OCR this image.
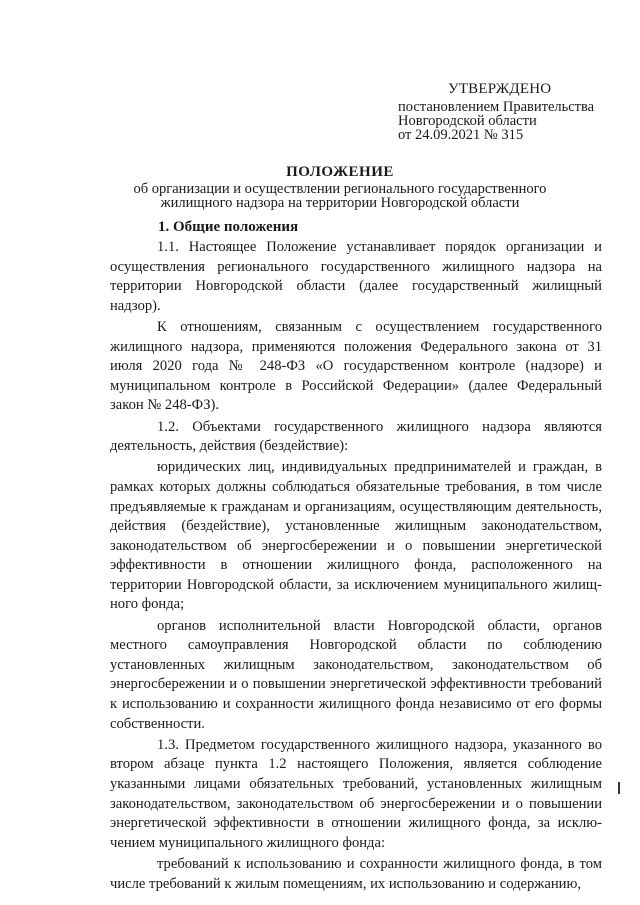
УТВЕРЖДЕНО
постановлением Правительства
Новгородской области
от 24.09.2021 № 315
ПОЛОЖЕНИЕ
об организации и осуществлении регионального государственного
жилищного надзора на территории Новгородской области
1. Общие положения

1.1. Настоящее Положение устанавливает порядок организации и осуществления регионального государственного жилищного надзора на территории Новгородской области (далее государственный жилищный надзор).

К отношениям, связанным с осуществлением государственного жилищного надзора, применяются положения Федерального закона от 31 июля 2020 года № 248-ФЗ «О государственном контроле (надзоре) и муниципальном контроле в Российской Федерации» (далее Федеральный закон № 248-ФЗ).

1.2. Объектами государственного жилищного надзора являются деятельность, действия (бездействие):

юридических лиц, индивидуальных предпринимателей и граждан, в рамках которых должны соблюдаться обязательные требования, в том числе предъявляемые к гражданам и организациям, осуществляющим деятельность, действия (бездействие), установленные жилищным законодательством, законодательством об энергосбережении и о повышении энергетической эффективности в отношении жилищного фонда, расположенного на территории Новгородской области, за исключением муниципального жилищ-ного фонда;

органов исполнительной власти Новгородской области, органов местного самоуправления Новгородской области по соблюдению установленных жилищным законодательством, законодательством об энергосбережении и о повышении энергетической эффективности требований к использованию и сохранности жилищного фонда независимо от его формы собственности.

1.3. Предметом государственного жилищного надзора, указанного во втором абзаце пункта 1.2 настоящего Положения, является соблюдение указанными лицами обязательных требований, установленных жилищным законодательством, законодательством об энергосбережении и о повышении энергетической эффективности в отношении жилищного фонда, за исклю-чением муниципального жилищного фонда:

требований к использованию и сохранности жилищного фонда, в том числе требований к жилым помещениям, их использованию и содержанию,
